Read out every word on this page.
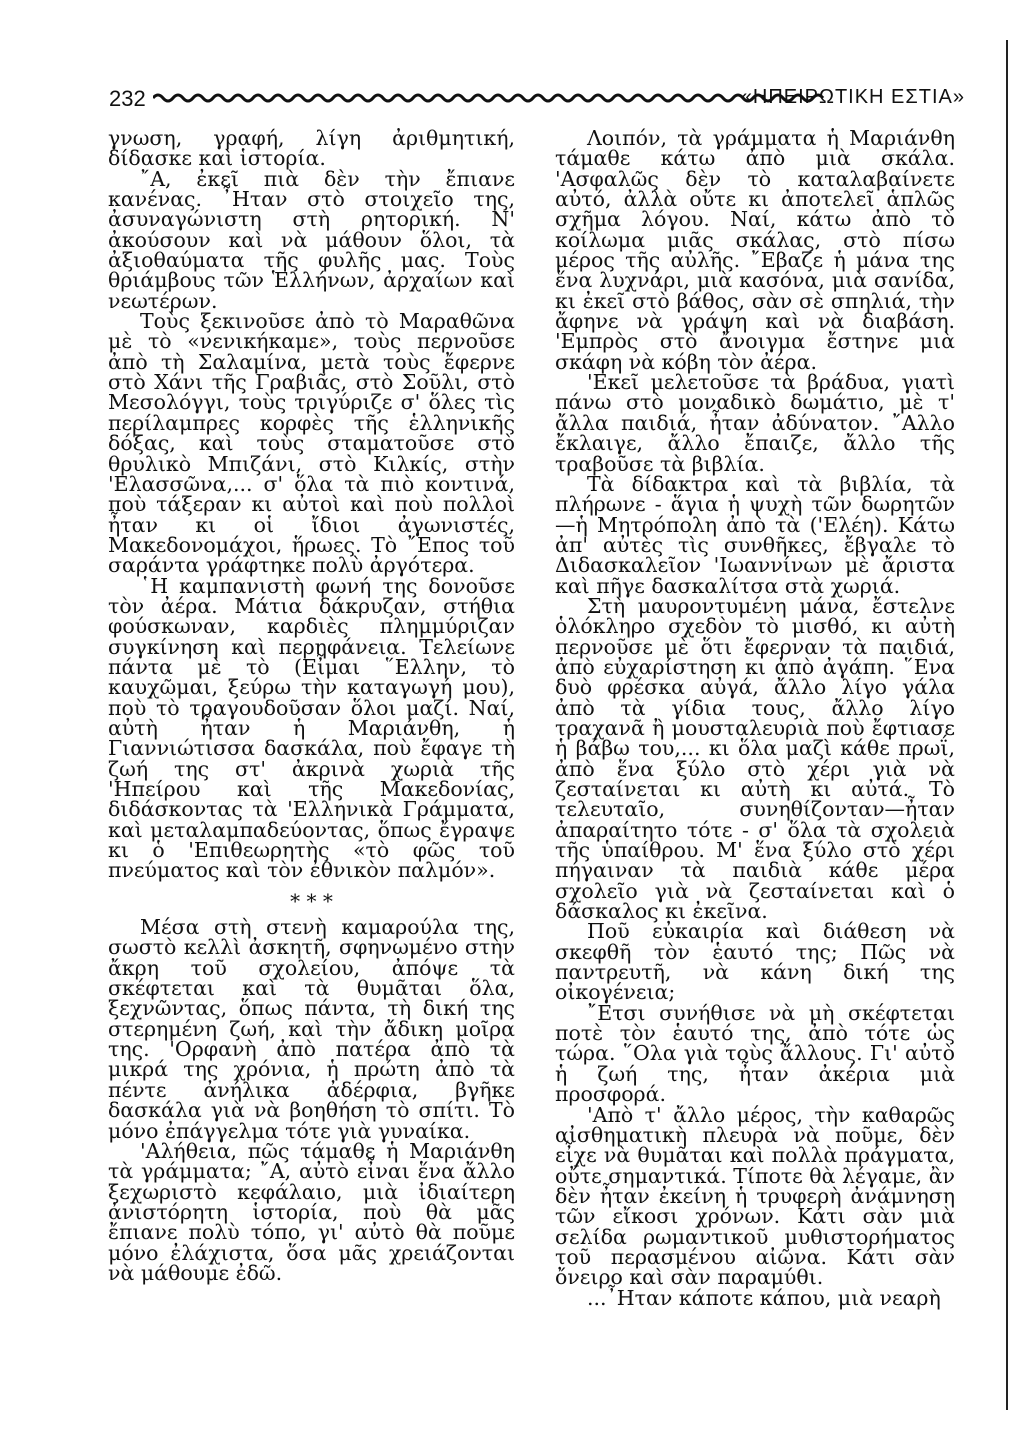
232	«ΗΠΕΙΡΩΤΙΚΗ ΕΣΤΙΑ»

γνωση, γραφή, λίγη ἀριθμητική, δίδασκε καὶ ἱστορία.

῎Α, ἐκεῖ πιὰ δὲν τὴν ἔπιανε κανένας. ῏Ηταν στὸ στοιχεῖο της, ἀσυναγώνιστη στὴ ρητορική. Ν' ἀκούσουν καὶ νὰ μάθουν ὅλοι, τὰ ἀξιοθαύματα τῆς φυλῆς μας. Τοὺς θριάμβους τῶν Ἑλλήνων, ἀρχαίων καὶ νεωτέρων.

Τοὺς ξεκινοῦσε ἀπὸ τὸ Μαραθῶνα μὲ τὸ «νενικήκαμε», τοὺς περνοῦσε ἀπὸ τὴ Σαλαμίνα, μετὰ τοὺς ἔφερνε στὸ Χάνι τῆς Γραβιᾶς, στὸ Σοῦλι, στὸ Μεσολόγγι, τοὺς τριγύριζε σ' ὅλες τὶς περίλαμπρες κορφὲς τῆς ἑλληνικῆς δόξας, καὶ τοὺς σταματοῦσε στὸ θρυλικὸ Μπιζάνι, στὸ Κιλκίς, στὴν 'Ελασσῶνα,... σ' ὅλα τὰ πιὸ κοντινά, ποὺ τάξεραν κι αὐτοὶ καὶ ποὺ πολλοὶ ἦταν κι οἱ ἴδιοι ἀγωνιστές, Μακεδονομάχοι, ἥρωες. Τὸ ῎Επος τοῦ σαράντα γράφτηκε πολὺ ἀργότερα.

῾Η καμπανιστὴ φωνή της δονοῦσε τὸν ἀέρα. Μάτια δάκρυζαν, στήθια φούσκωναν, καρδιὲς πλημμύριζαν συγκίνηση καὶ περηφάνεια. Τελείωνε πάντα μὲ τὸ (Εἶμαι ῞Ελλην, τὸ καυχῶμαι, ξεύρω τὴν καταγωγή μου), ποὺ τὸ τραγουδοῦσαν ὅλοι μαζί. Ναί, αὐτὴ ἦταν ἡ Μαριάνθη, ἡ Γιαννιώτισσα δασκάλα, ποὺ ἔφαγε τὴ ζωή της στ' ἀκρινὰ χωριὰ τῆς 'Ηπείρου καὶ τῆς Μακεδονίας, διδάσκοντας τὰ 'Ελληνικὰ Γράμματα, καὶ μεταλαμπαδεύοντας, ὅπως ἔγραψε κι ὁ 'Επιθεωρητὴς «τὸ φῶς τοῦ πνεύματος καὶ τὸν ἐθνικὸν παλμόν».

* * *

Μέσα στὴ στενὴ καμαρούλα της, σωστὸ κελλὶ ἀσκητῆ, σφηνωμένο στὴν ἄκρη τοῦ σχολείου, ἀπόψε τὰ σκέφτεται καὶ τὰ θυμᾶται ὅλα, ξεχνῶντας, ὅπως πάντα, τὴ δική της στερημένη ζωή, καὶ τὴν ἄδικη μοῖρα της. 'Ορφανὴ ἀπὸ πατέρα ἀπὸ τὰ μικρά της χρόνια, ἡ πρώτη ἀπὸ τὰ πέντε ἀνήλικα ἀδέρφια, βγῆκε δασκάλα γιὰ νὰ βοηθήση τὸ σπίτι. Τὸ μόνο ἐπάγγελμα τότε γιὰ γυναίκα.

'Αλήθεια, πῶς τάμαθε ἡ Μαριάνθη τὰ γράμματα; ῎Α, αὐτὸ εἶναι ἕνα ἄλλο ξεχωριστὸ κεφάλαιο, μιὰ ἰδιαίτερη ἀνιστόρητη ἱστορία, ποὺ θὰ μᾶς ἔπιανε πολὺ τόπο, γι' αὐτὸ θὰ ποῦμε μόνο ἐλάχιστα, ὅσα μᾶς χρειάζονται νὰ μάθουμε ἐδῶ.

Λοιπόν, τὰ γράμματα ἡ Μαριάνθη τάμαθε κάτω ἀπὸ μιὰ σκάλα. 'Ασφαλῶς δὲν τὸ καταλαβαίνετε αὐτό, ἀλλὰ οὔτε κι ἀποτελεῖ ἁπλῶς σχῆμα λόγου. Ναί, κάτω ἀπὸ τὸ κοίλωμα μιᾶς σκάλας, στὸ πίσω μέρος τῆς αὐλῆς. ῎Εβαζε ἡ μάνα της ἕνα λυχνάρι, μιὰ κασόνα, μιὰ σανίδα, κι ἐκεῖ στὸ βάθος, σὰν σὲ σπηλιά, τὴν ἄφηνε νὰ γράψη καὶ νὰ διαβάση. 'Εμπρὸς στὸ ἄνοιγμα ἔστηνε μιὰ σκάφη νὰ κόβη τὸν ἀέρα.

'Εκεῖ μελετοῦσε τὰ βράδυα, γιατὶ πάνω στὸ μοναδικὸ δωμάτιο, μὲ τ' ἄλλα παιδιά, ἦταν ἀδύνατον. ῎Αλλο ἔκλαιγε, ἄλλο ἔπαιζε, ἄλλο τῆς τραβοῦσε τὰ βιβλία.

Τὰ δίδακτρα καὶ τὰ βιβλία, τὰ πλήρωνε - ἅγια ἡ ψυχὴ τῶν δωρητῶν—ἡ Μητρόπολη ἀπὸ τὰ ('Ελέη). Κάτω ἀπ' αὐτὲς τὶς συνθῆκες, ἔβγαλε τὸ Διδασκαλεῖον 'Ιωαννίνων μὲ ἄριστα καὶ πῆγε δασκαλίτσα στὰ χωριά.

Στὴ μαυροντυμένη μάνα, ἔστελνε ὁλόκληρο σχεδὸν τὸ μισθό, κι αὐτὴ περνοῦσε μὲ ὅτι ἔφερναν τὰ παιδιά, ἀπὸ εὐχαρίστηση κι ἀπὸ ἀγάπη. ῞Ενα δυὸ φρέσκα αὐγά, ἄλλο λίγο γάλα ἀπὸ τὰ γίδια τους, ἄλλο λίγο τραχανᾶ ἢ μουσταλευριὰ ποὺ ἔφτιασε ἡ βάβω του,... κι ὅλα μαζὶ κάθε πρωΐ, ἀπὸ ἕνα ξύλο στὸ χέρι γιὰ νὰ ζεσταίνεται κι αὐτὴ κι αὐτά. Τὸ τελευταῖο, συνηθίζονταν—ἦταν ἀπαραίτητο τότε - σ' ὅλα τὰ σχολειὰ τῆς ὑπαίθρου. Μ' ἕνα ξύλο στὸ χέρι πήγαιναν τὰ παιδιὰ κάθε μέρα σχολεῖο γιὰ νὰ ζεσταίνεται καὶ ὁ δάσκαλος κι ἐκεῖνα.

Ποῦ εὐκαιρία καὶ διάθεση νὰ σκεφθῆ τὸν ἑαυτό της; Πῶς νὰ παντρευτῆ, νὰ κάνη δική της οἰκογένεια;

῎Ετσι συνήθισε νὰ μὴ σκέφτεται ποτὲ τὸν ἑαυτό της, ἀπὸ τότε ὡς τώρα. ῞Ολα γιὰ τοὺς ἄλλους. Γι' αὐτὸ ἡ ζωή της, ἦταν ἀκέρια μιὰ προσφορά.

'Απὸ τ' ἄλλο μέρος, τὴν καθαρῶς αἰσθηματικὴ πλευρὰ νὰ ποῦμε, δὲν εἶχε νὰ θυμᾶται καὶ πολλὰ πράγματα, οὔτε σημαντικά. Τίποτε θὰ λέγαμε, ἂν δὲν ἦταν ἐκείνη ἡ τρυφερὴ ἀνάμνηση τῶν εἴκοσι χρόνων. Κάτι σὰν μιὰ σελίδα ρωμαντικοῦ μυθιστορήματος τοῦ περασμένου αἰῶνα. Κάτι σὰν ὄνειρο καὶ σὰν παραμύθι.

...῏Ηταν κάποτε κάπου, μιὰ νεαρὴ
